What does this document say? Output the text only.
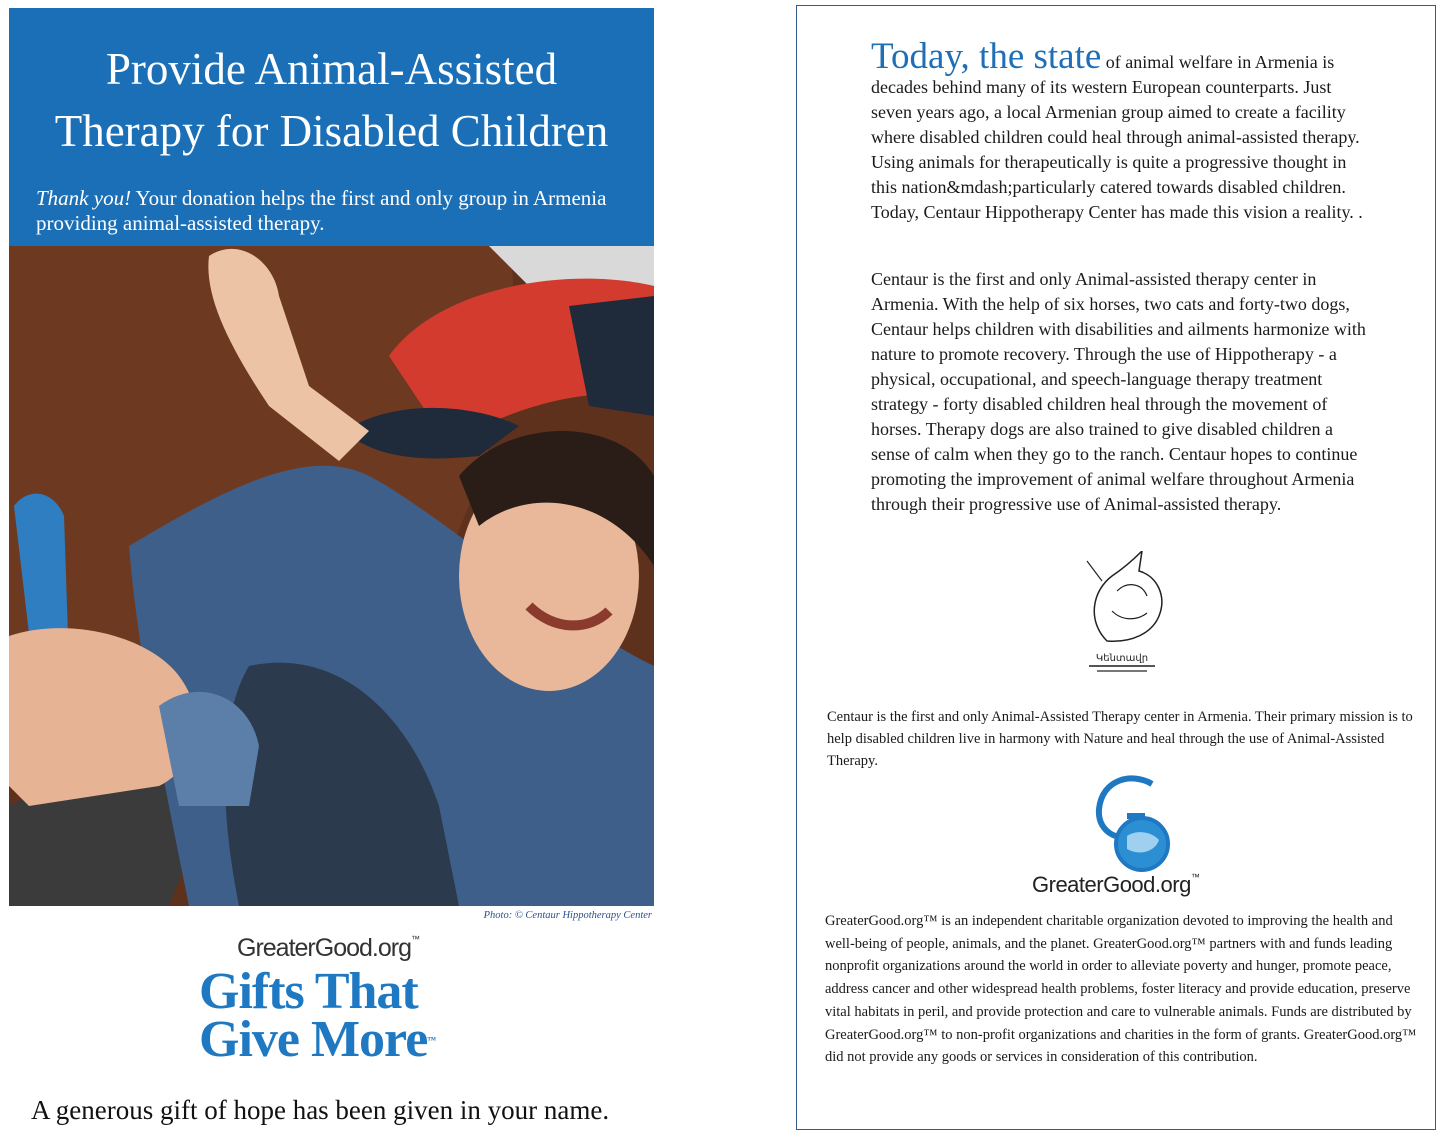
Provide Animal-Assisted
Therapy for Disabled Children
Thank you! Your donation helps the first and only group in Armenia providing animal-assisted therapy.
Photo: © Centaur Hippotherapy Center
GreaterGood.org™
Gifts That
Give More™
A generous gift of hope has been given in your name.
Today, the state of animal welfare in Armenia is decades behind many of its western European counterparts. Just seven years ago, a local Armenian group aimed to create a facility where disabled children could heal through animal-assisted therapy. Using animals for therapeutically is quite a progressive thought in this nation&mdash;particularly catered towards disabled children. Today, Centaur Hippotherapy Center has made this vision a reality. .
Centaur is the first and only Animal-assisted therapy center in Armenia. With the help of six horses, two cats and forty-two dogs, Centaur helps children with disabilities and ailments harmonize with nature to promote recovery. Through the use of Hippotherapy - a physical, occupational, and speech-language therapy treatment strategy - forty disabled children heal through the movement of horses. Therapy dogs are also trained to give disabled children a sense of calm when they go to the ranch. Centaur hopes to continue promoting the improvement of animal welfare throughout Armenia through their progressive use of Animal-assisted therapy.
Կենտավր
Centaur is the first and only Animal-Assisted Therapy center in Armenia. Their primary mission is to help disabled children live in harmony with Nature and heal through the use of Animal-Assisted Therapy.
GreaterGood.org™
GreaterGood.org™ is an independent charitable organization devoted to improving the health and well-being of people, animals, and the planet. GreaterGood.org™ partners with and funds leading nonprofit organizations around the world in order to alleviate poverty and hunger, promote peace, address cancer and other widespread health problems, foster literacy and provide education, preserve vital habitats in peril, and provide protection and care to vulnerable animals. Funds are distributed by GreaterGood.org™ to non-profit organizations and charities in the form of grants. GreaterGood.org™ did not provide any goods or services in consideration of this contribution.
